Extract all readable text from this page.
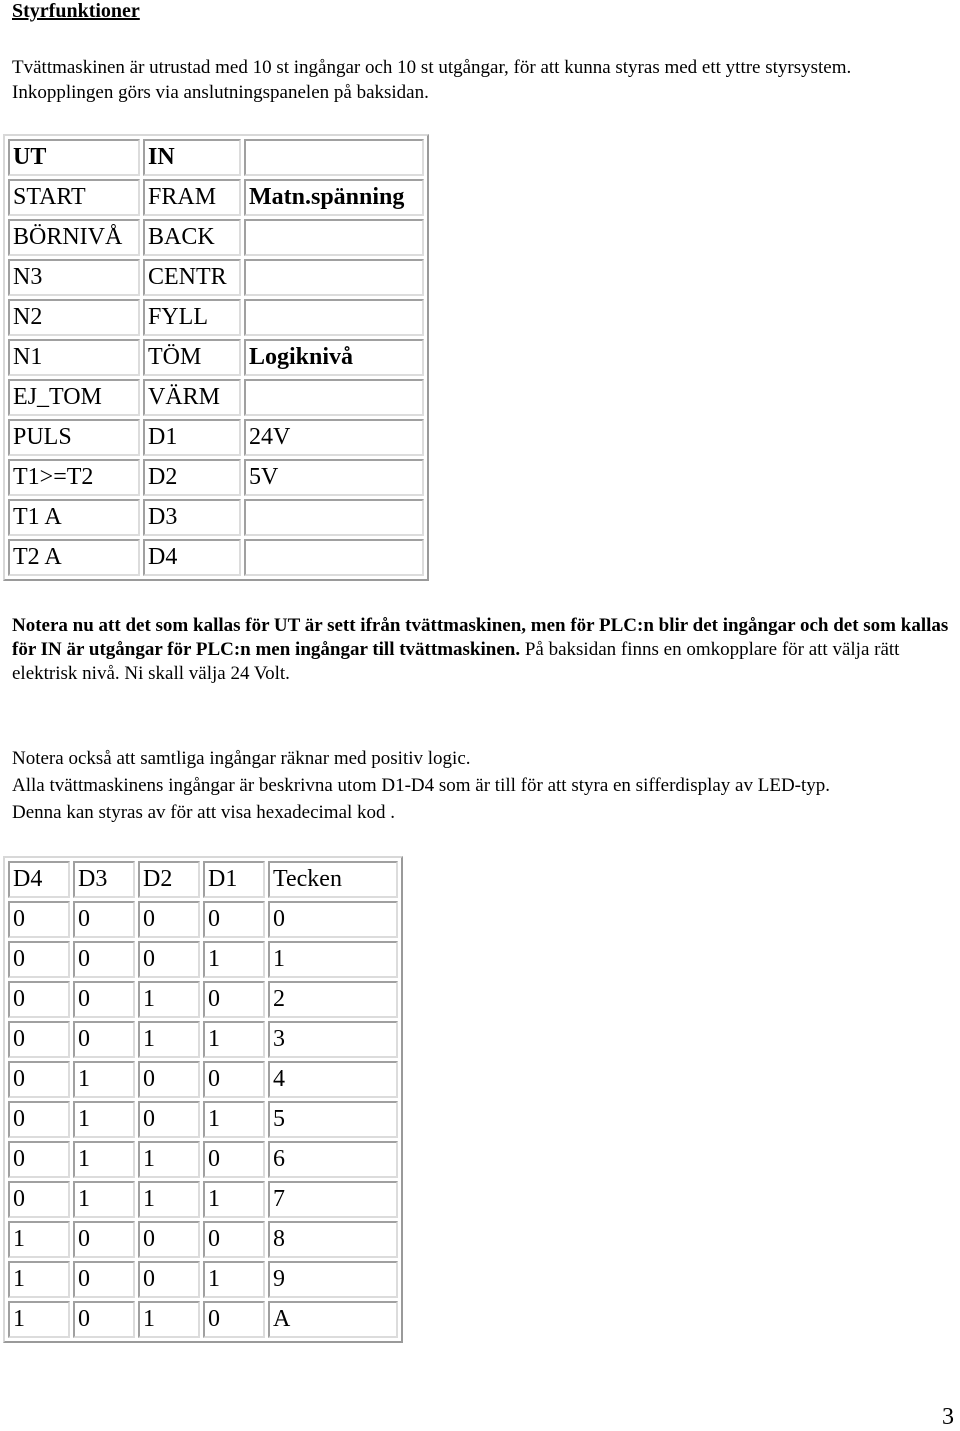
Styrfunktioner
Tvättmaskinen är utrustad med 10 st ingångar och 10 st utgångar, för att kunna styras med ett yttre styrsystem. Inkopplingen görs via anslutningspanelen på baksidan.
UT	IN	
START	FRAM	Matn.spänning
BÖRNIVÅ	BACK	
N3	CENTR	
N2	FYLL	
N1	TÖM	Logiknivå
EJ_TOM	VÄRM	
PULS	D1	24V
T1>=T2	D2	5V
T1 A	D3	
T2 A	D4	
Notera nu att det som kallas för UT är sett ifrån tvättmaskinen, men för PLC:n blir det ingångar och det som kallas för IN är utgångar för PLC:n men ingångar till tvättmaskinen. På baksidan finns en omkopplare för att välja rätt elektrisk nivå. Ni skall välja 24 Volt.
Notera också att samtliga ingångar räknar med positiv logic.
Alla tvättmaskinens ingångar är beskrivna utom D1-D4 som är till för att styra en sifferdisplay av LED-typ.
Denna kan styras av för att visa hexadecimal kod .
D4	D3	D2	D1	Tecken
0	0	0	0	0
0	0	0	1	1
0	0	1	0	2
0	0	1	1	3
0	1	0	0	4
0	1	0	1	5
0	1	1	0	6
0	1	1	1	7
1	0	0	0	8
1	0	0	1	9
1	0	1	0	A
3
